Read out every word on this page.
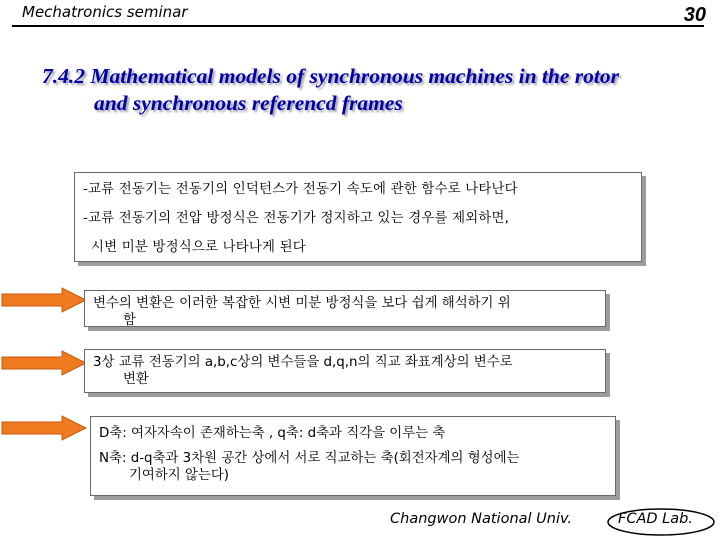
Mechatronics seminar	30
7.4.2 Mathematical models of synchronous machines in the rotor
and synchronous referencd frames
-교류 전동기는 전동기의 인덕턴스가 전동기 속도에 관한 함수로 나타난다
-교류 전동기의 전압 방정식은 전동기가 정지하고 있는 경우를 제외하면,
시변 미분 방정식으로 나타나게 된다
변수의 변환은 이러한 복잡한 시변 미분 방정식을 보다 쉽게 해석하기 위
함
3상 교류 전동기의 a,b,c상의 변수들을 d,q,n의 직교 좌표계상의 변수로
변환
D축: 여자자속이 존재하는축 , q축: d축과 직각을 이루는 축
N축: d-q축과 3차원 공간 상에서 서로 직교하는 축(회전자계의 형성에는
기여하지 않는다)
Changwon National Univ.	FCAD Lab.
